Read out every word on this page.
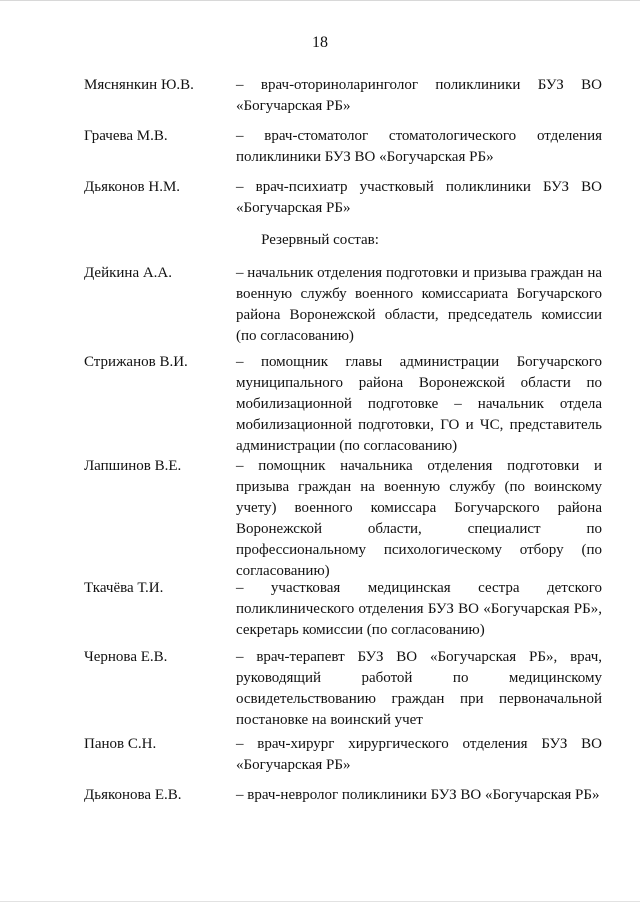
18
Мяснянкин Ю.В.	– врач-оториноларинголог поликлиники БУЗ ВО «Богучарская РБ»
Грачева М.В.	– врач-стоматолог стоматологического отделения поликлиники БУЗ ВО «Богучарская РБ»
Дьяконов Н.М.	– врач-психиатр участковый поликлиники БУЗ ВО «Богучарская РБ»
Резервный состав:
Дейкина А.А.	– начальник отделения подготовки и призыва граждан на военную службу военного комиссариата Богучарского района Воронежской области, председатель комиссии (по согласованию)
Стрижанов В.И.	– помощник главы администрации Богучарского муниципального района Воронежской области по мобилизационной подготовке – начальник отдела мобилизационной подготовки, ГО и ЧС, представитель администрации (по согласованию)
Лапшинов В.Е.	– помощник начальника отделения подготовки и призыва граждан на военную службу (по воинскому учету) военного комиссара Богучарского района Воронежской области, специалист по профессиональному психологическому отбору (по согласованию)
Ткачёва Т.И.	– участковая медицинская сестра детского поликлинического отделения БУЗ ВО «Богучарская РБ», секретарь комиссии (по согласованию)
Чернова Е.В.	– врач-терапевт БУЗ ВО «Богучарская РБ», врач, руководящий работой по медицинскому освидетельствованию граждан при первоначальной постановке на воинский учет
Панов С.Н.	– врач-хирург хирургического отделения БУЗ ВО «Богучарская РБ»
Дьяконова Е.В.	– врач-невролог поликлиники БУЗ ВО «Богучарская РБ»
